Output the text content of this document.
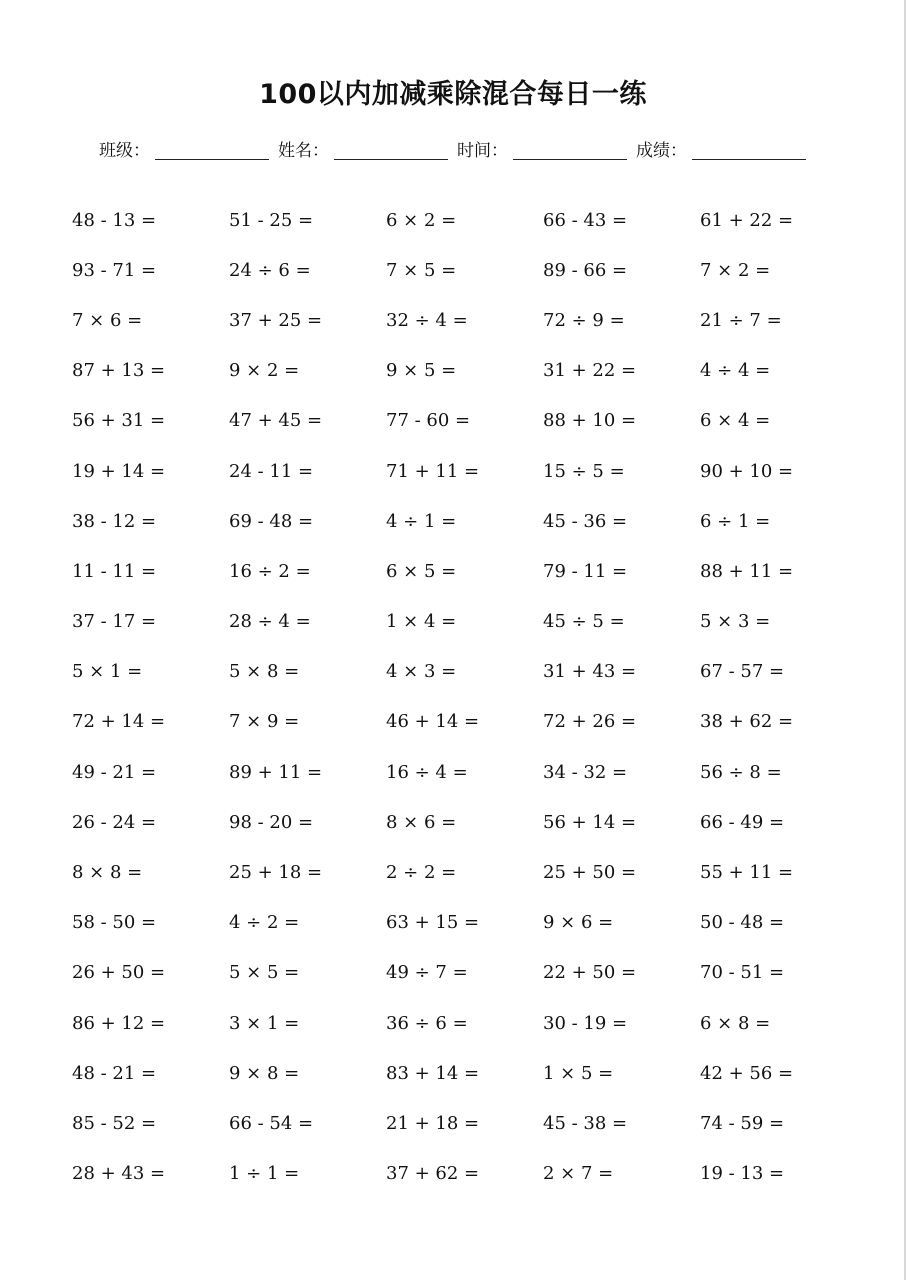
100以内加减乘除混合每日一练
班级：	姓名：	时间：	成绩：
48 - 13 =	51 - 25 =	6 × 2 =	66 - 43 =	61 + 22 =
93 - 71 =	24 ÷ 6 =	7 × 5 =	89 - 66 =	7 × 2 =
7 × 6 =	37 + 25 =	32 ÷ 4 =	72 ÷ 9 =	21 ÷ 7 =
87 + 13 =	9 × 2 =	9 × 5 =	31 + 22 =	4 ÷ 4 =
56 + 31 =	47 + 45 =	77 - 60 =	88 + 10 =	6 × 4 =
19 + 14 =	24 - 11 =	71 + 11 =	15 ÷ 5 =	90 + 10 =
38 - 12 =	69 - 48 =	4 ÷ 1 =	45 - 36 =	6 ÷ 1 =
11 - 11 =	16 ÷ 2 =	6 × 5 =	79 - 11 =	88 + 11 =
37 - 17 =	28 ÷ 4 =	1 × 4 =	45 ÷ 5 =	5 × 3 =
5 × 1 =	5 × 8 =	4 × 3 =	31 + 43 =	67 - 57 =
72 + 14 =	7 × 9 =	46 + 14 =	72 + 26 =	38 + 62 =
49 - 21 =	89 + 11 =	16 ÷ 4 =	34 - 32 =	56 ÷ 8 =
26 - 24 =	98 - 20 =	8 × 6 =	56 + 14 =	66 - 49 =
8 × 8 =	25 + 18 =	2 ÷ 2 =	25 + 50 =	55 + 11 =
58 - 50 =	4 ÷ 2 =	63 + 15 =	9 × 6 =	50 - 48 =
26 + 50 =	5 × 5 =	49 ÷ 7 =	22 + 50 =	70 - 51 =
86 + 12 =	3 × 1 =	36 ÷ 6 =	30 - 19 =	6 × 8 =
48 - 21 =	9 × 8 =	83 + 14 =	1 × 5 =	42 + 56 =
85 - 52 =	66 - 54 =	21 + 18 =	45 - 38 =	74 - 59 =
28 + 43 =	1 ÷ 1 =	37 + 62 =	2 × 7 =	19 - 13 =
